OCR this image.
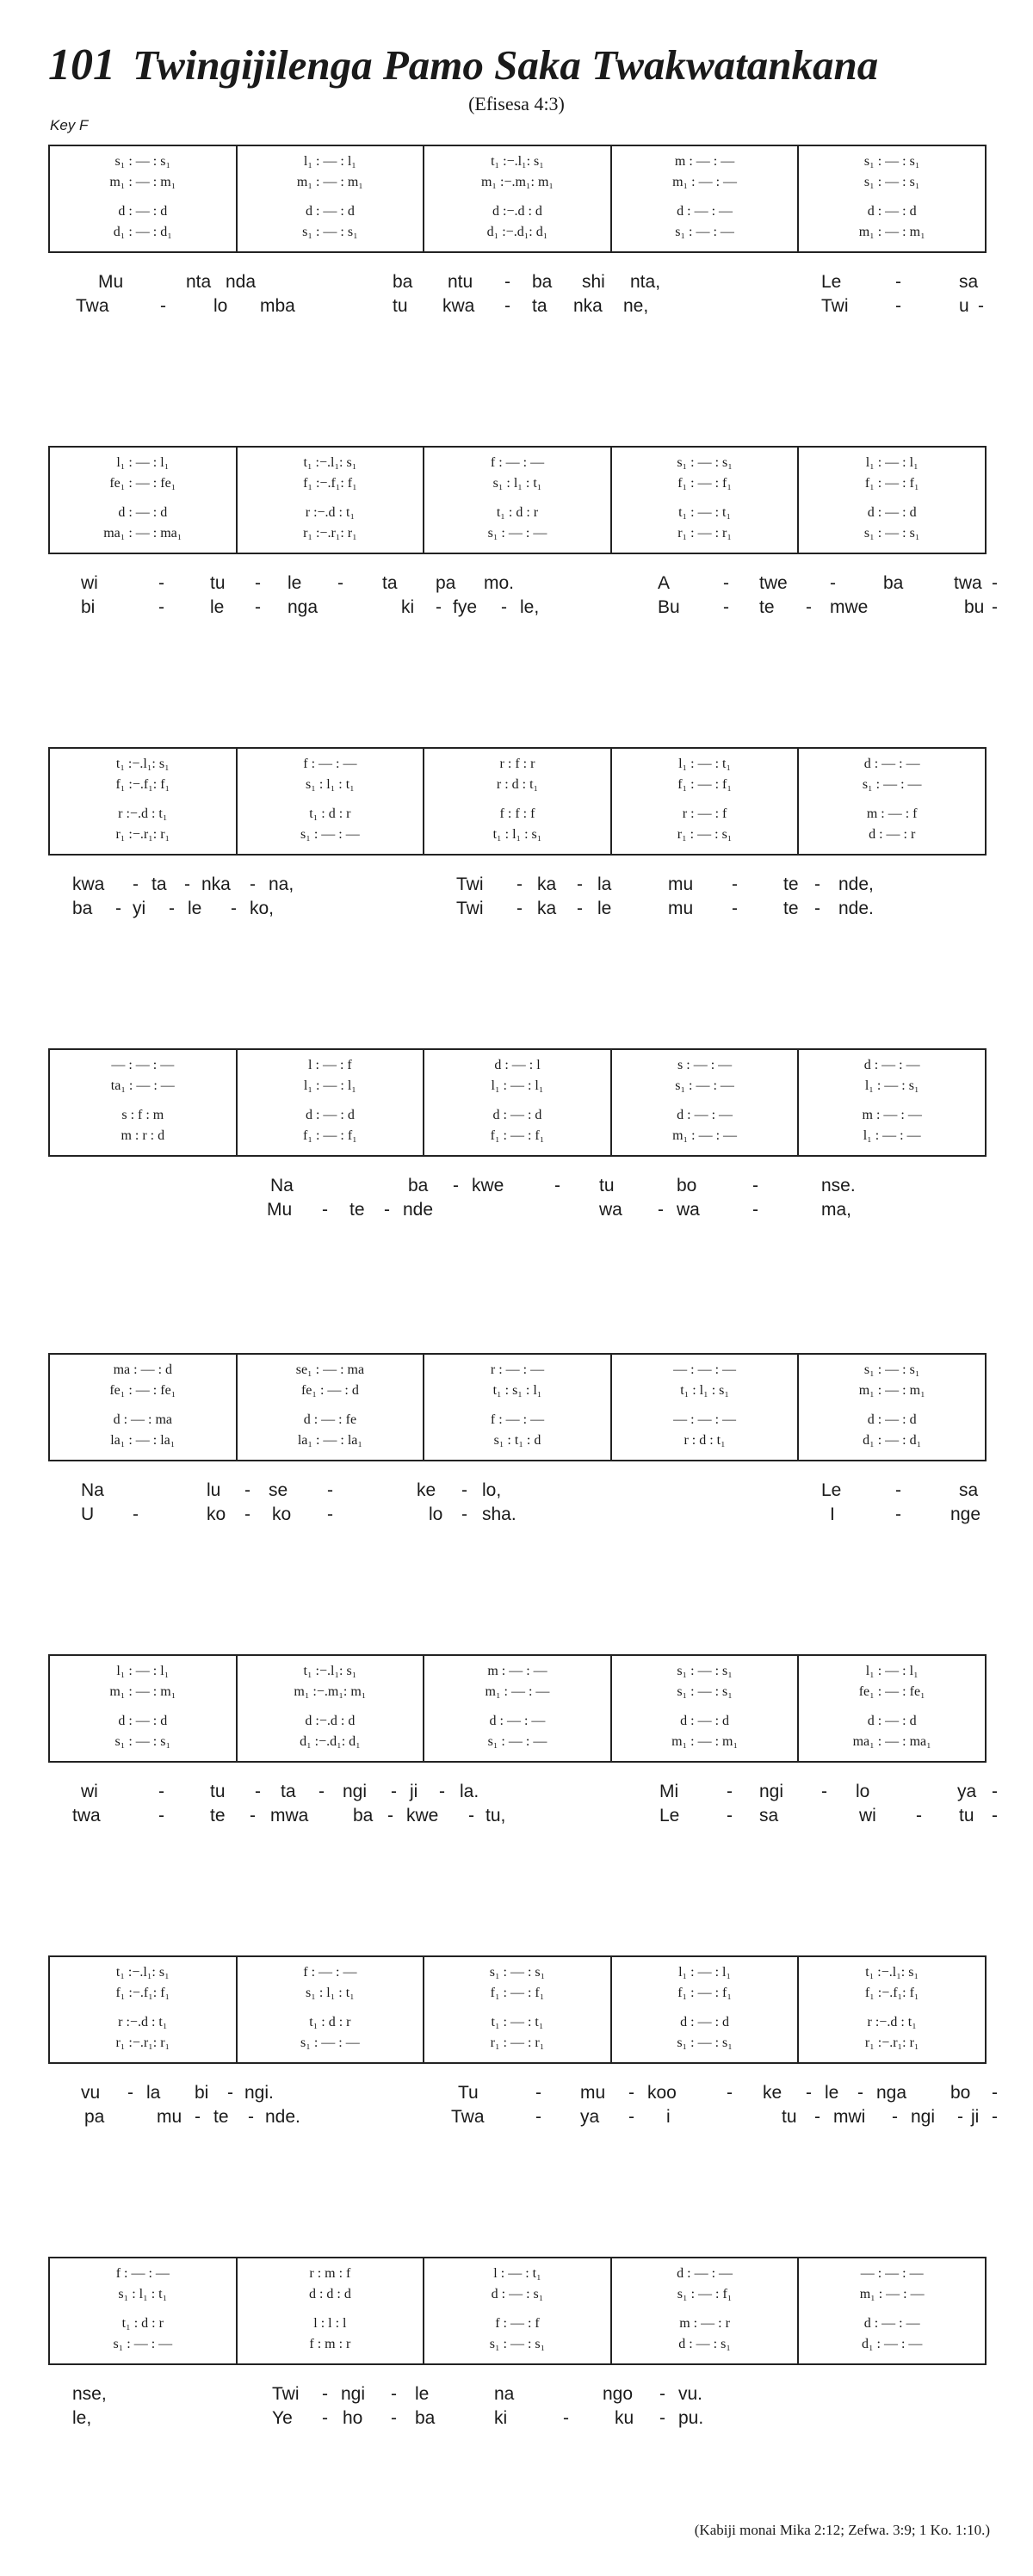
101 Twingijilenga Pamo Saka Twakwatankana
(Efisesa 4:3)
Key F
s₁ : — : s₁
m₁ : — : m₁
d : — : d
d₁ : — : d₁
l₁ : — : l₁
m₁ : — : m₁
d : — : d
s₁ : — : s₁
t₁ :−.l₁: s₁
m₁ :−.m₁: m₁
d :−.d : d
d₁ :−.d₁: d₁
m : — : —
m₁ : — : —
d : — : —
s₁ : — : —
s₁ : — : s₁
s₁ : — : s₁
d : — : d
m₁ : — : m₁
Mu	nta nda	ba ntu - ba shi nta,	Le	-	sa
Twa	-	lo mba	tu kwa - ta nka ne,	Twi	-	u -
l₁ : — : l₁
fe₁ : — : fe₁
d : — : d
ma₁ : — : ma₁
t₁ :−.l₁: s₁
f₁ :−.f₁: f₁
r :−.d : t₁
r₁ :−.r₁: r₁
f : — : —
s₁ : l₁ : t₁
t₁ : d : r
s₁ : — : —
s₁ : — : s₁
f₁ : — : f₁
t₁ : — : t₁
r₁ : — : r₁
l₁ : — : l₁
f₁ : — : f₁
d : — : d
s₁ : — : s₁
wi	-	tu - le - ta pa mo.	A	- twe -	ba	twa -
bi	-	le - nga	ki - fye - le,	Bu - te - mwe	bu -
t₁ :−.l₁: s₁
f₁ :−.f₁: f₁
r :−.d : t₁
r₁ :−.r₁: r₁
f : — : —
s₁ : l₁ : t₁
t₁ : d : r
s₁ : — : —
r : f : r
r : d : t₁
f : f : f
t₁ : l₁ : s₁
l₁ : — : t₁
f₁ : — : f₁
r : — : f
r₁ : — : s₁
d : — : —
s₁ : — : —
m : — : f
d : — : r
kwa - ta - nka - na,	Twi - ka - la	mu -	te - nde,
ba - yi - le - ko,	Twi - ka - le	mu -	te - nde.
— : — : —
ta₁ : — : —
s : f : m
m : r : d
l : — : f
l₁ : — : l₁
d : — : d
f₁ : — : f₁
d : — : l
l₁ : — : l₁
d : — : d
f₁ : — : f₁
s : — : —
s₁ : — : —
d : — : —
m₁ : — : —
d : — : —
l₁ : — : s₁
m : — : —
l₁ : — : —
Na	ba - kwe	- tu	bo	-	nse.
Mu - te - nde	wa - wa	-	ma,
ma : — : d
fe₁ : — : fe₁
d : — : ma
la₁ : — : la₁
se₁ : — : ma
fe₁ : — : d
d : — : fe
la₁ : — : la₁
r : — : —
t₁ : s₁ : l₁
f : — : —
s₁ : t₁ : d
— : — : —
t₁ : l₁ : s₁
— : — : —
r : d : t₁
s₁ : — : s₁
m₁ : — : m₁
d : — : d
d₁ : — : d₁
Na	lu - se -	ke - lo,	Le	-	sa
U -	ko - ko -	lo - sha.	I	-	nge
l₁ : — : l₁
m₁ : — : m₁
d : — : d
s₁ : — : s₁
t₁ :−.l₁: s₁
m₁ :−.m₁: m₁
d :−.d : d
d₁ :−.d₁: d₁
m : — : —
m₁ : — : —
d : — : —
s₁ : — : —
s₁ : — : s₁
s₁ : — : s₁
d : — : d
m₁ : — : m₁
l₁ : — : l₁
fe₁ : — : fe₁
d : — : d
ma₁ : — : ma₁
wi	-	tu - ta - ngi - ji - la.	Mi	- ngi - lo	ya -
twa	-	te - mwa ba - kwe - tu,	Le	- sa	wi - tu -
t₁ :−.l₁: s₁
f₁ :−.f₁: f₁
r :−.d : t₁
r₁ :−.r₁: r₁
f : — : —
s₁ : l₁ : t₁
t₁ : d : r
s₁ : — : —
s₁ : — : s₁
f₁ : — : f₁
t₁ : — : t₁
r₁ : — : r₁
l₁ : — : l₁
f₁ : — : f₁
d : — : d
s₁ : — : s₁
t₁ :−.l₁: s₁
f₁ :−.f₁: f₁
r :−.d : t₁
r₁ :−.r₁: r₁
vu - la bi - ngi.	Tu	- mu - koo	- ke - le - nga bo -
pa	mu - te - nde.	Twa	- ya - i	tu - mwi - ngi - ji -
f : — : —
s₁ : l₁ : t₁
t₁ : d : r
s₁ : — : —
r : m : f
d : d : d
l : l : l
f : m : r
l : — : t₁
d : — : s₁
f : — : f
s₁ : — : s₁
d : — : —
s₁ : — : f₁
m : — : r
d : — : s₁
— : — : —
m₁ : — : —
d : — : —
d₁ : — : —
nse,	Twi - ngi - le	na	ngo - vu.
le,	Ye - ho - ba	ki	-	ku - pu.
(Kabiji monai Mika 2:12; Zefwa. 3:9; 1 Ko. 1:10.)
